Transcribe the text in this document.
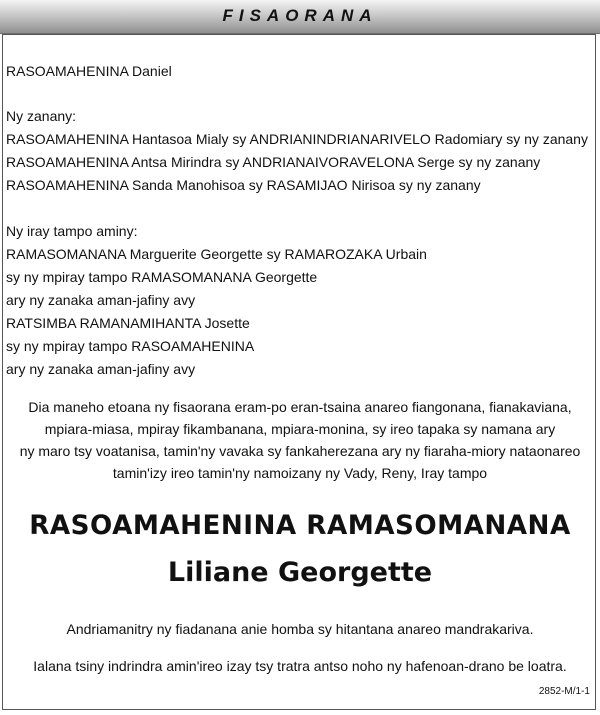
FISAORANA
RASOAMAHENINA Daniel
Ny zanany:
RASOAMAHENINA Hantasoa Mialy sy ANDRIANINDRIANARIVELO Radomiary sy ny zanany
RASOAMAHENINA Antsa Mirindra sy ANDRIANAIVORAVELONA Serge sy ny zanany
RASOAMAHENINA Sanda Manohisoa sy RASAMIJAO Nirisoa sy ny zanany
Ny iray tampo aminy:
RAMASOMANANA Marguerite Georgette sy RAMAROZAKA Urbain
sy ny mpiray tampo RAMASOMANANA Georgette
ary ny zanaka aman-jafiny avy
RATSIMBA RAMANAMIHANTA Josette
sy ny mpiray tampo RASOAMAHENINA
ary ny zanaka aman-jafiny avy
Dia maneho etoana ny fisaorana eram-po eran-tsaina anareo fiangonana, fianakaviana,
mpiara-miasa, mpiray fikambanana, mpiara-monina, sy ireo tapaka sy namana ary
ny maro tsy voatanisa, tamin'ny vavaka sy fankaherezana ary ny fiaraha-miory nataonareo
tamin'izy ireo tamin'ny namoizany ny Vady, Reny, Iray tampo
RASOAMAHENINA RAMASOMANANA
Liliane Georgette
Andriamanitry ny fiadanana anie homba sy hitantana anareo mandrakariva.
Ialana tsiny indrindra amin'ireo izay tsy tratra antso noho ny hafenoan-drano be loatra.
2852-M/1-1
